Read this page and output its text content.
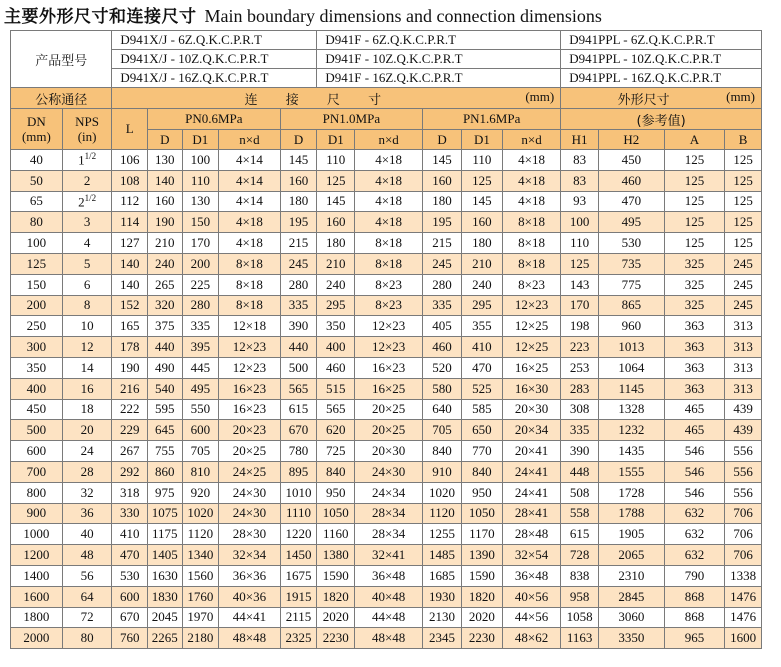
主要外形尺寸和连接尺寸 Main boundary dimensions and connection dimensions
产品型号		D941X/J - 6Z.Q.K.C.P.R.T					D941F - 6Z.Q.K.C.P.R.T					D941PPL - 6Z.Q.K.C.P.R.T			
		D941X/J - 10Z.Q.K.C.P.R.T					D941F - 10Z.Q.K.C.P.R.T					D941PPL - 10Z.Q.K.C.P.R.T			
		D941X/J - 16Z.Q.K.C.P.R.T					D941F - 16Z.Q.K.C.P.R.T					D941PPL - 16Z.Q.K.C.P.R.T			
公称通径		连 接 尺 寸 (mm)										外形尺寸 (mm)			

DN
(mm)	NPS
(in)	L	PN0.6MPa			PN1.0MPa			PN1.6MPa			(参考值)			
			D	D1	n×d	D	D1	n×d	D	D1	n×d	H1	H2	A	B
40	$1^{1/2}$	106	130	100	4×14	145	110	4×18	145	110	4×18	83	450	125	125
50	2	108	140	110	4×14	160	125	4×18	160	125	4×18	83	460	125	125
65	$2^{1/2}$	112	160	130	4×14	180	145	4×18	180	145	4×18	93	470	125	125
80	3	114	190	150	4×18	195	160	4×18	195	160	8×18	100	495	125	125
100	4	127	210	170	4×18	215	180	8×18	215	180	8×18	110	530	125	125
125	5	140	240	200	8×18	245	210	8×18	245	210	8×18	125	735	325	245
150	6	140	265	225	8×18	280	240	8×23	280	240	8×23	143	775	325	245
200	8	152	320	280	8×18	335	295	8×23	335	295	12×23	170	865	325	245
250	10	165	375	335	12×18	390	350	12×23	405	355	12×25	198	960	363	313
300	12	178	440	395	12×23	440	400	12×23	460	410	12×25	223	1013	363	313
350	14	190	490	445	12×23	500	460	16×23	520	470	16×25	253	1064	363	313
400	16	216	540	495	16×23	565	515	16×25	580	525	16×30	283	1145	363	313
450	18	222	595	550	16×23	615	565	20×25	640	585	20×30	308	1328	465	439
500	20	229	645	600	20×23	670	620	20×25	705	650	20×34	335	1232	465	439
600	24	267	755	705	20×25	780	725	20×30	840	770	20×41	390	1435	546	556
700	28	292	860	810	24×25	895	840	24×30	910	840	24×41	448	1555	546	556
800	32	318	975	920	24×30	1010	950	24×34	1020	950	24×41	508	1728	546	556
900	36	330	1075	1020	24×30	1110	1050	28×34	1120	1050	28×41	558	1788	632	706
1000	40	410	1175	1120	28×30	1220	1160	28×34	1255	1170	28×48	615	1905	632	706
1200	48	470	1405	1340	32×34	1450	1380	32×41	1485	1390	32×54	728	2065	632	706
1400	56	530	1630	1560	36×36	1675	1590	36×48	1685	1590	36×48	838	2310	790	1338
1600	64	600	1830	1760	40×36	1915	1820	40×48	1930	1820	40×56	958	2845	868	1476
1800	72	670	2045	1970	44×41	2115	2020	44×48	2130	2020	44×56	1058	3060	868	1476
2000	80	760	2265	2180	48×48	2325	2230	48×48	2345	2230	48×62	1163	3350	965	1600
